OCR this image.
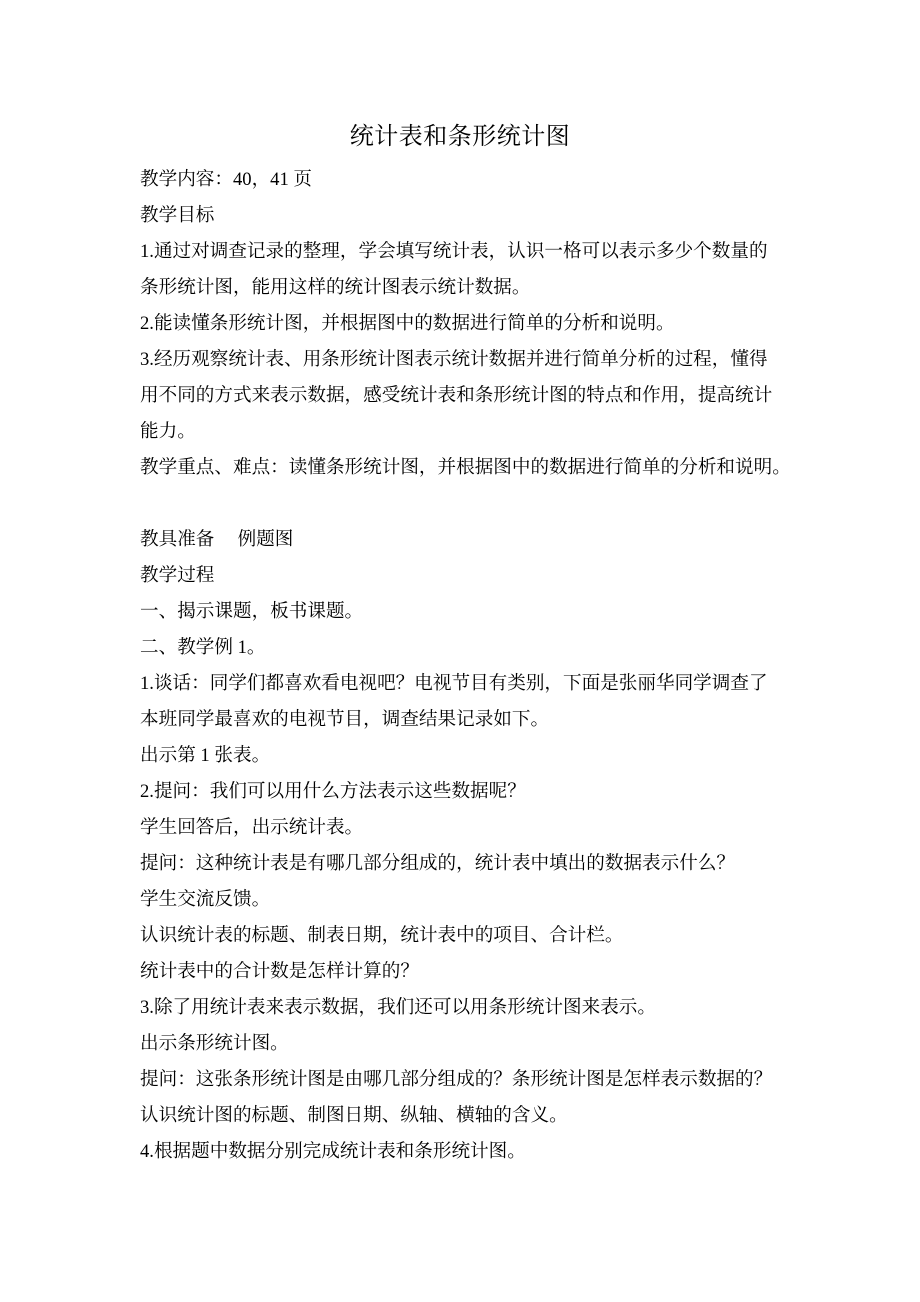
统计表和条形统计图
教学内容：40，41 页
教学目标
1.通过对调查记录的整理，学会填写统计表，认识一格可以表示多少个数量的
条形统计图，能用这样的统计图表示统计数据。
2.能读懂条形统计图，并根据图中的数据进行简单的分析和说明。
3.经历观察统计表、用条形统计图表示统计数据并进行简单分析的过程，懂得
用不同的方式来表示数据，感受统计表和条形统计图的特点和作用，提高统计
能力。
教学重点、难点：读懂条形统计图，并根据图中的数据进行简单的分析和说明。
教具准备     例题图
教学过程
一、揭示课题，板书课题。
二、教学例 1。
1.谈话：同学们都喜欢看电视吧？电视节目有类别，下面是张丽华同学调查了
本班同学最喜欢的电视节目，调查结果记录如下。
出示第 1 张表。
2.提问：我们可以用什么方法表示这些数据呢？
学生回答后，出示统计表。
提问：这种统计表是有哪几部分组成的，统计表中填出的数据表示什么？
学生交流反馈。
认识统计表的标题、制表日期，统计表中的项目、合计栏。
统计表中的合计数是怎样计算的？
3.除了用统计表来表示数据，我们还可以用条形统计图来表示。
出示条形统计图。
提问：这张条形统计图是由哪几部分组成的？条形统计图是怎样表示数据的？
认识统计图的标题、制图日期、纵轴、横轴的含义。
4.根据题中数据分别完成统计表和条形统计图。
